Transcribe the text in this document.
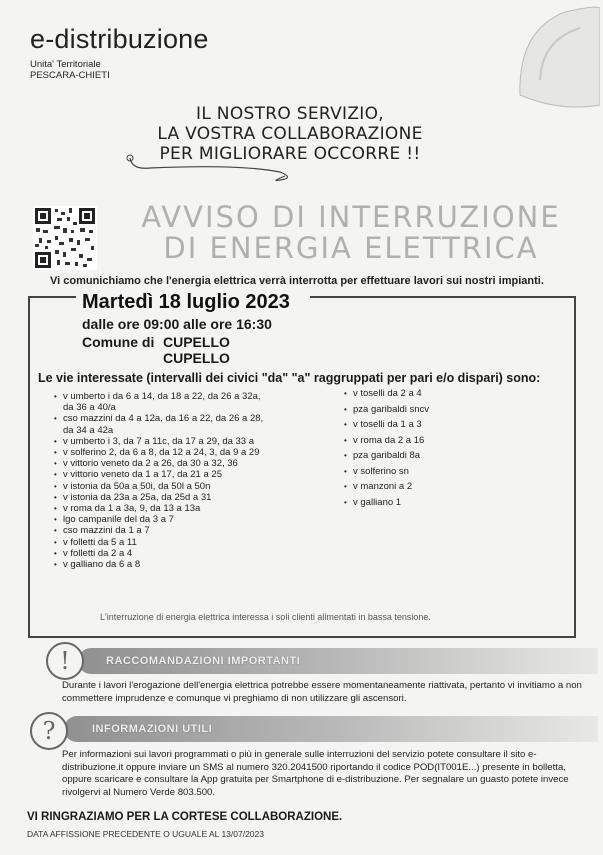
e-distribuzione
Unita' Territoriale
PESCARA-CHIETI
IL NOSTRO SERVIZIO,
LA VOSTRA COLLABORAZIONE
PER MIGLIORARE OCCORRE !!
AVVISO DI INTERRUZIONE
DI ENERGIA ELETTRICA
Vi comunichiamo che l'energia elettrica verrà interrotta per effettuare lavori sui nostri impianti.
Martedì 18 luglio 2023
dalle ore 09:00 alle ore 16:30
Comune di CUPELLO
CUPELLO
Le vie interessate (intervalli dei civici "da" "a" raggruppati per pari e/o dispari) sono:
• v umberto i da 6 a 14, da 18 a 22, da 26 a 32a,
da 36 a 40/a
• cso mazzini da 4 a 12a, da 16 a 22, da 26 a 28,
da 34 a 42a
• v umberto i 3, da 7 a 11c, da 17 a 29, da 33 a
• v solferino 2, da 6 a 8, da 12 a 24, 3, da 9 a 29
• v vittorio veneto da 2 a 26, da 30 a 32, 36
• v vittorio veneto da 1 a 17, da 21 a 25
• v istonia da 50a a 50i, da 50l a 50n
• v istonia da 23a a 25a, da 25d a 31
• v roma da 1 a 3a, 9, da 13 a 13a
• lgo campanile del da 3 a 7
• cso mazzini da 1 a 7
• v folletti da 5 a 11
• v folletti da 2 a 4
• v galliano da 6 a 8
• v toselli da 2 a 4
• pza garibaldi sncv
• v toselli da 1 a 3
• v roma da 2 a 16
• pza garibaldi 8a
• v solferino sn
• v manzoni a 2
• v galliano 1
L'interruzione di energia elettrica interessa i soli clienti alimentati in bassa tensione.
RACCOMANDAZIONI IMPORTANTI
!
Durante i lavori l'erogazione dell'energia elettrica potrebbe essere momentaneamente riattivata, pertanto vi invitiamo a non commettere imprudenze e comunque vi preghiamo di non utilizzare gli ascensori.
INFORMAZIONI UTILI
?
Per informazioni sui lavori programmati o più in generale sulle interruzioni del servizio potete consultare il sito e-distribuzione.it oppure inviare un SMS al numero 320.2041500 riportando il codice POD(IT001E...) presente in bolletta, oppure scaricare e consultare la App gratuita per Smartphone di e-distribuzione. Per segnalare un guasto potete invece rivolgervi al Numero Verde 803.500.
VI RINGRAZIAMO PER LA CORTESE COLLABORAZIONE.
DATA AFFISSIONE PRECEDENTE O UGUALE AL 13/07/2023
